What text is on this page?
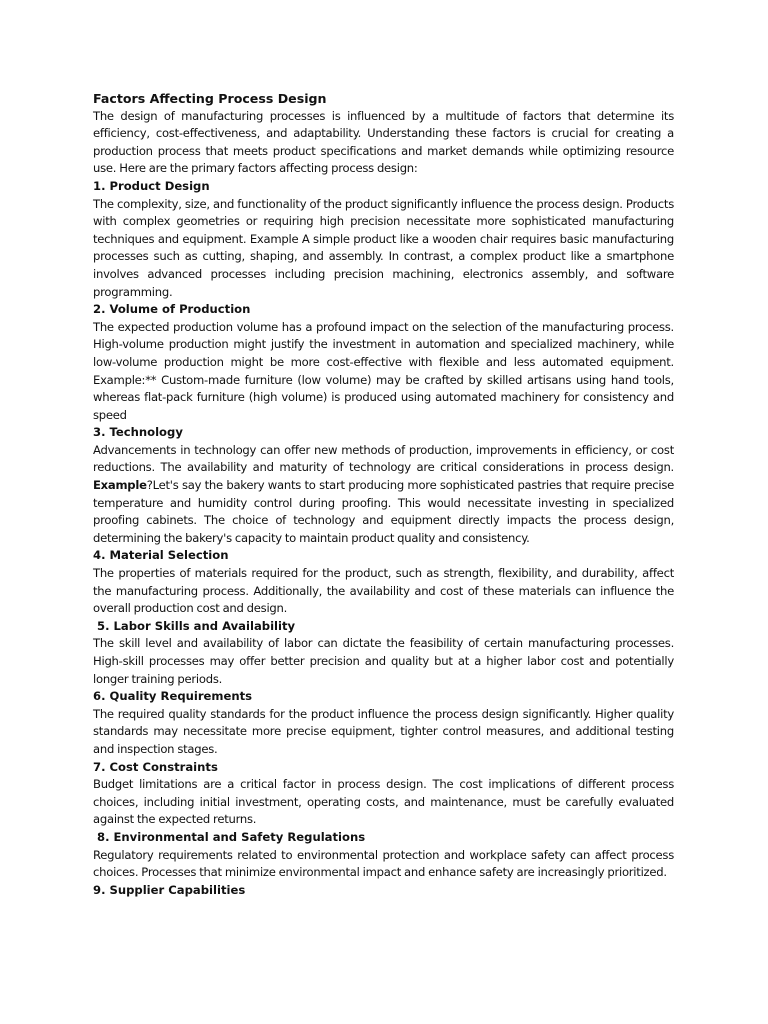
Factors Affecting Process Design

The design of manufacturing processes is influenced by a multitude of factors that determine its efficiency, cost-effectiveness, and adaptability. Understanding these factors is crucial for creating a production process that meets product specifications and market demands while optimizing resource use. Here are the primary factors affecting process design:

1. Product Design

The complexity, size, and functionality of the product significantly influence the process design. Products with complex geometries or requiring high precision necessitate more sophisticated manufacturing techniques and equipment. Example A simple product like a wooden chair requires basic manufacturing processes such as cutting, shaping, and assembly. In contrast, a complex product like a smartphone involves advanced processes including precision machining, electronics assembly, and software programming.

2. Volume of Production

The expected production volume has a profound impact on the selection of the manufacturing process. High-volume production might justify the investment in automation and specialized machinery, while low-volume production might be more cost-effective with flexible and less automated equipment. Example:** Custom-made furniture (low volume) may be crafted by skilled artisans using hand tools, whereas flat-pack furniture (high volume) is produced using automated machinery for consistency and speed

3. Technology

Advancements in technology can offer new methods of production, improvements in efficiency, or cost reductions. The availability and maturity of technology are critical considerations in process design. Example?Let's say the bakery wants to start producing more sophisticated pastries that require precise temperature and humidity control during proofing. This would necessitate investing in specialized proofing cabinets. The choice of technology and equipment directly impacts the process design, determining the bakery's capacity to maintain product quality and consistency.

4. Material Selection

The properties of materials required for the product, such as strength, flexibility, and durability, affect the manufacturing process. Additionally, the availability and cost of these materials can influence the overall production cost and design.

5. Labor Skills and Availability

The skill level and availability of labor can dictate the feasibility of certain manufacturing processes. High-skill processes may offer better precision and quality but at a higher labor cost and potentially longer training periods.

6. Quality Requirements

The required quality standards for the product influence the process design significantly. Higher quality standards may necessitate more precise equipment, tighter control measures, and additional testing and inspection stages.

7. Cost Constraints

Budget limitations are a critical factor in process design. The cost implications of different process choices, including initial investment, operating costs, and maintenance, must be carefully evaluated against the expected returns.

8. Environmental and Safety Regulations

Regulatory requirements related to environmental protection and workplace safety can affect process choices. Processes that minimize environmental impact and enhance safety are increasingly prioritized.

9. Supplier Capabilities
